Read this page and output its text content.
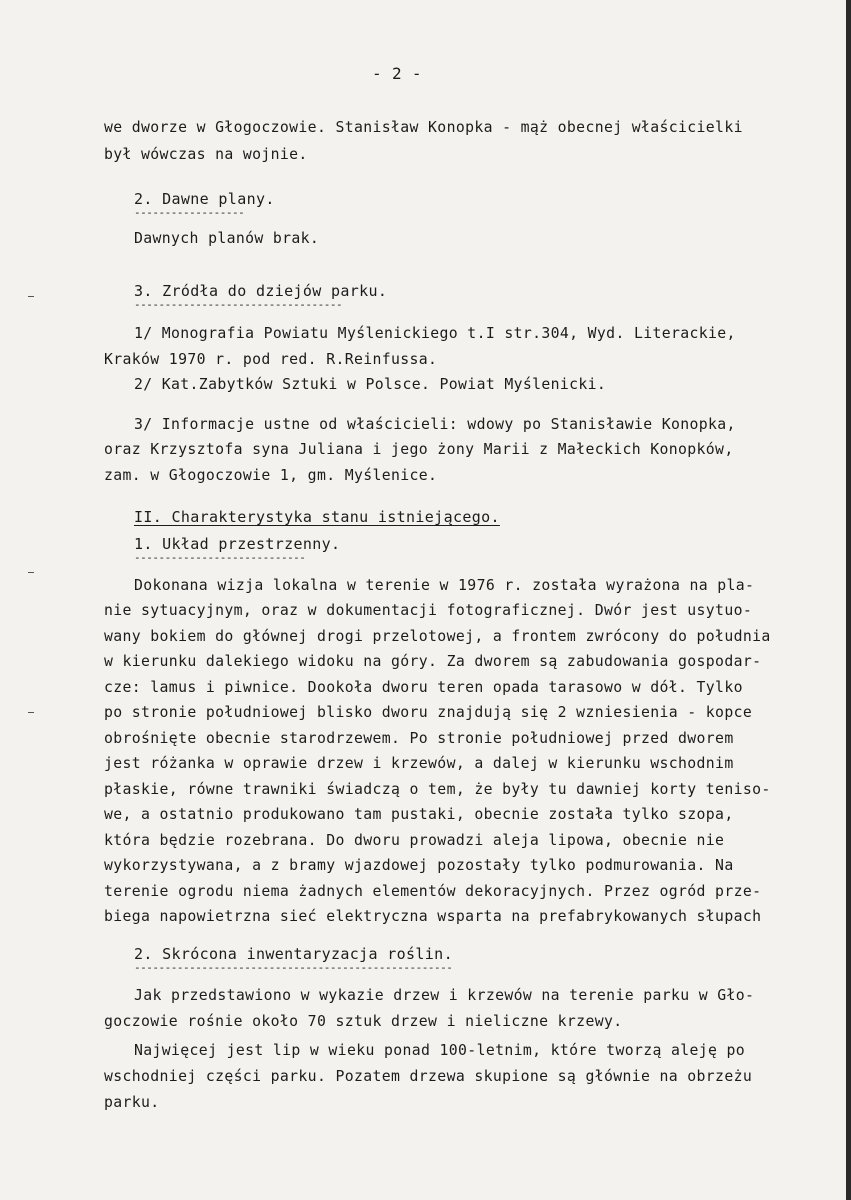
- 2 -
we dworze w Głogoczowie. Stanisław Konopka - mąż obecnej właścicielki
był wówczas na wojnie.
2. Dawne plany.
------------------
Dawnych planów brak.
3. Zródła do dziejów parku.
----------------------------------
1/ Monografia Powiatu Myślenickiego t.I str.304, Wyd. Literackie,
Kraków 1970 r. pod red. R.Reinfussa.
2/ Kat.Zabytków Sztuki w Polsce. Powiat Myślenicki.
3/ Informacje ustne od właścicieli: wdowy po Stanisławie Konopka,
oraz Krzysztofa syna Juliana i jego żony Marii z Małeckich Konopków,
zam. w Głogoczowie 1, gm. Myślenice.
II. Charakterystyka stanu istniejącego.
1. Układ przestrzenny.
----------------------------
Dokonana wizja lokalna w terenie w 1976 r. została wyrażona na pla-
nie sytuacyjnym, oraz w dokumentacji fotograficznej. Dwór jest usytuo-
wany bokiem do głównej drogi przelotowej, a frontem zwrócony do południa
w kierunku dalekiego widoku na góry. Za dworem są zabudowania gospodar-
cze: lamus i piwnice. Dookoła dworu teren opada tarasowo w dół. Tylko
po stronie południowej blisko dworu znajdują się 2 wzniesienia - kopce
obrośnięte obecnie starodrzewem. Po stronie południowej przed dworem
jest różanka w oprawie drzew i krzewów, a dalej w kierunku wschodnim
płaskie, równe trawniki świadczą o tem, że były tu dawniej korty teniso-
we, a ostatnio produkowano tam pustaki, obecnie została tylko szopa,
która będzie rozebrana. Do dworu prowadzi aleja lipowa, obecnie nie
wykorzystywana, a z bramy wjazdowej pozostały tylko podmurowania. Na
terenie ogrodu niema żadnych elementów dekoracyjnych. Przez ogród prze-
biega napowietrzna sieć elektryczna wsparta na prefabrykowanych słupach
2. Skrócona inwentaryzacja roślin.
----------------------------------------------------
Jak przedstawiono w wykazie drzew i krzewów na terenie parku w Gło-
goczowie rośnie około 70 sztuk drzew i nieliczne krzewy.
Najwięcej jest lip w wieku ponad 100-letnim, które tworzą aleję po
wschodniej części parku. Pozatem drzewa skupione są głównie na obrzeżu
parku.
